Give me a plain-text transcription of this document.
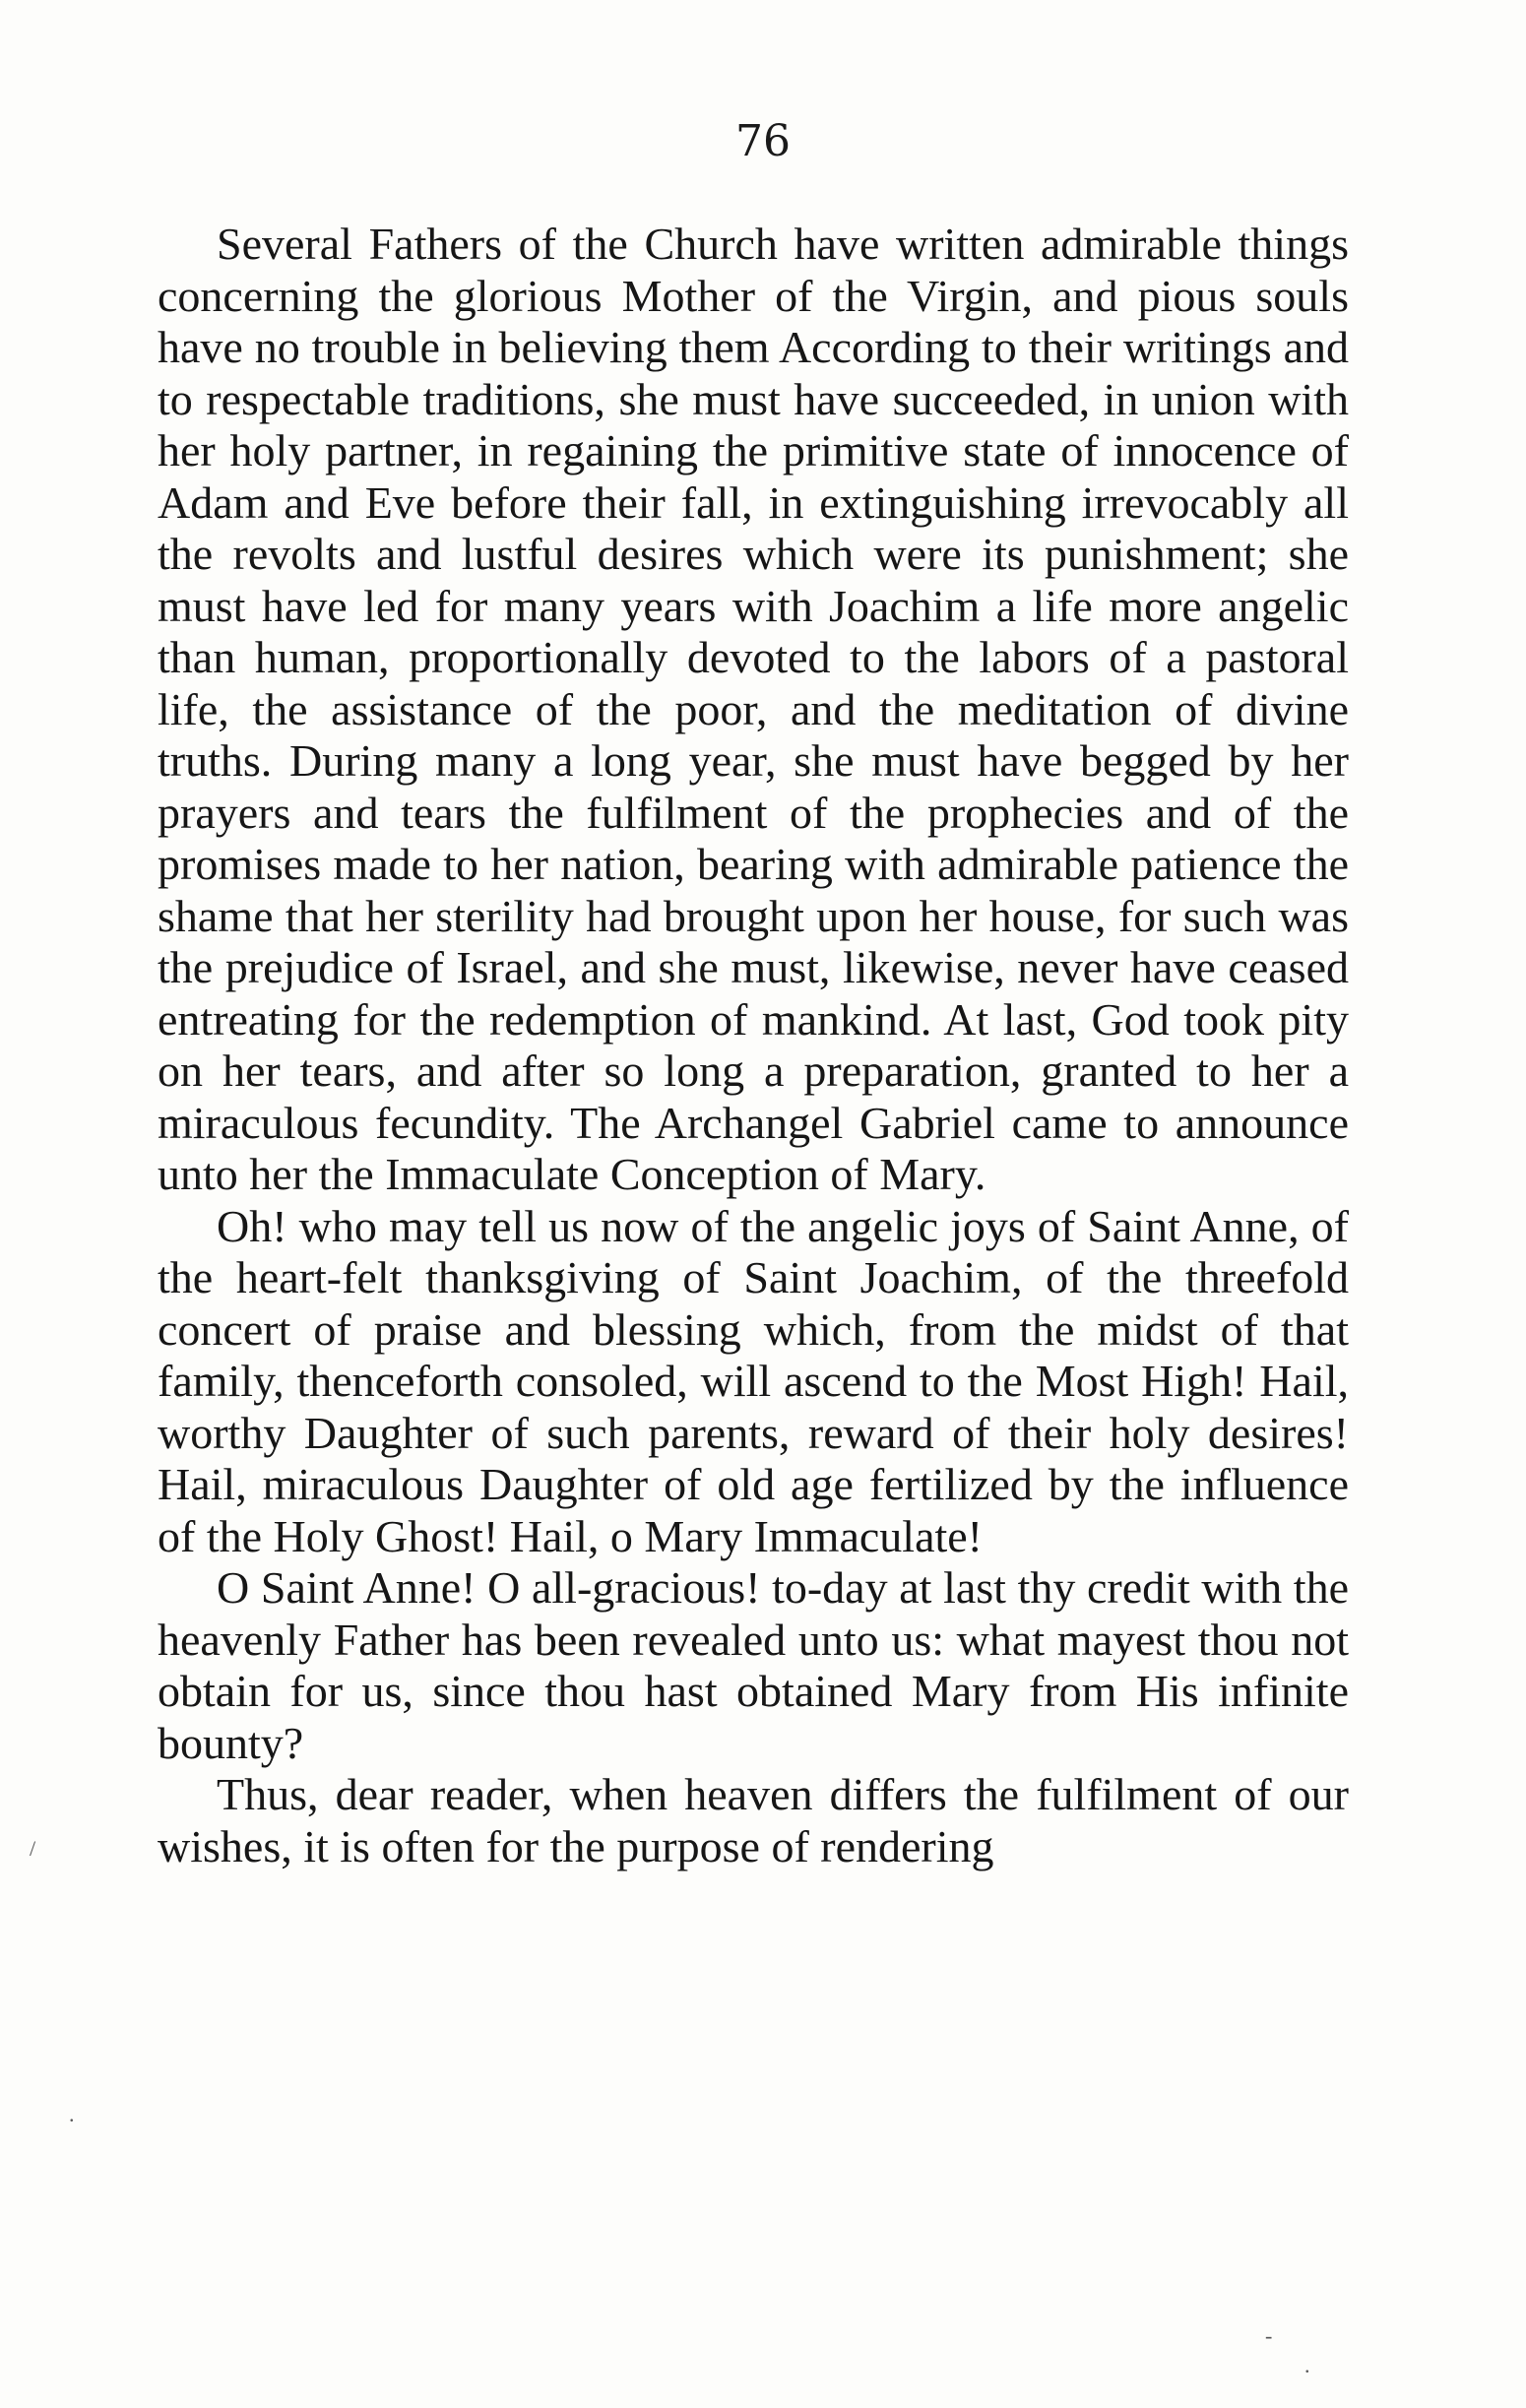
76

Several Fathers of the Church have written admirable things concerning the glorious Mother of the Virgin, and pious souls have no trouble in believing them According to their writings and to respectable traditions, she must have succeeded, in union with her holy partner, in regaining the primitive state of innocence of Adam and Eve before their fall, in extinguishing irrevocably all the revolts and lustful desires which were its punishment; she must have led for many years with Joachim a life more angelic than human, proportionally devoted to the labors of a pastoral life, the assistance of the poor, and the meditation of divine truths. During many a long year, she must have begged by her prayers and tears the fulfilment of the prophecies and of the promises made to her nation, bearing with admirable patience the shame that her sterility had brought upon her house, for such was the prejudice of Israel, and she must, likewise, never have ceased entreating for the redemption of mankind. At last, God took pity on her tears, and after so long a preparation, granted to her a miraculous fecundity. The Archangel Gabriel came to announce unto her the Immaculate Conception of Mary.

Oh! who may tell us now of the angelic joys of Saint Anne, of the heart-felt thanksgiving of Saint Joachim, of the threefold concert of praise and blessing which, from the midst of that family, thenceforth consoled, will ascend to the Most High! Hail, worthy Daughter of such parents, reward of their holy desires! Hail, miraculous Daughter of old age fertilized by the influence of the Holy Ghost! Hail, o Mary Immaculate!

O Saint Anne! O all-gracious! to-day at last thy credit with the heavenly Father has been revealed unto us: what mayest thou not obtain for us, since thou hast obtained Mary from His infinite bounty?

Thus, dear reader, when heaven differs the fulfilment of our wishes, it is often for the purpose of rendering

/
.
-
.
